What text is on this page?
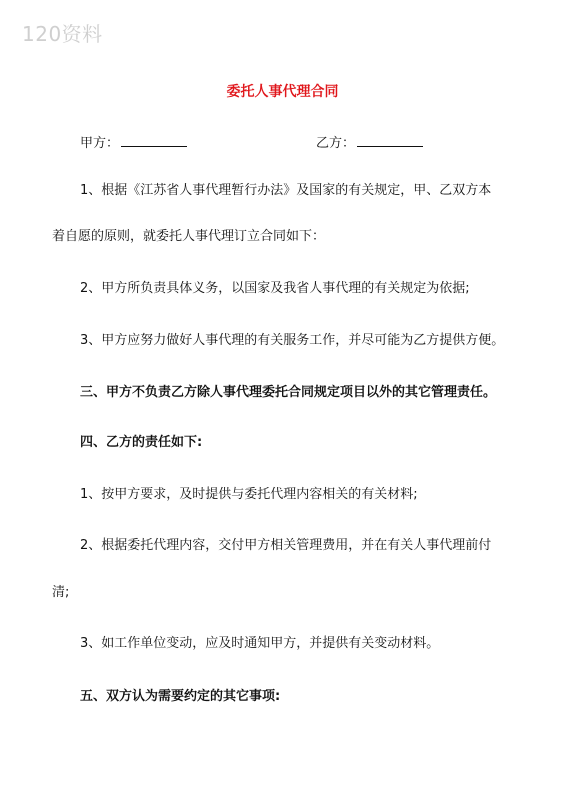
120资料
委托人事代理合同
甲方：	乙方：
1、根据《江苏省人事代理暂行办法》及国家的有关规定，甲、乙双方本
着自愿的原则，就委托人事代理订立合同如下：
2、甲方所负责具体义务，以国家及我省人事代理的有关规定为依据;
3、甲方应努力做好人事代理的有关服务工作，并尽可能为乙方提供方便。
三、甲方不负责乙方除人事代理委托合同规定项目以外的其它管理责任。
四、乙方的责任如下:
1、按甲方要求，及时提供与委托代理内容相关的有关材料;
2、根据委托代理内容，交付甲方相关管理费用，并在有关人事代理前付
清;
3、如工作单位变动，应及时通知甲方，并提供有关变动材料。
五、双方认为需要约定的其它事项:
